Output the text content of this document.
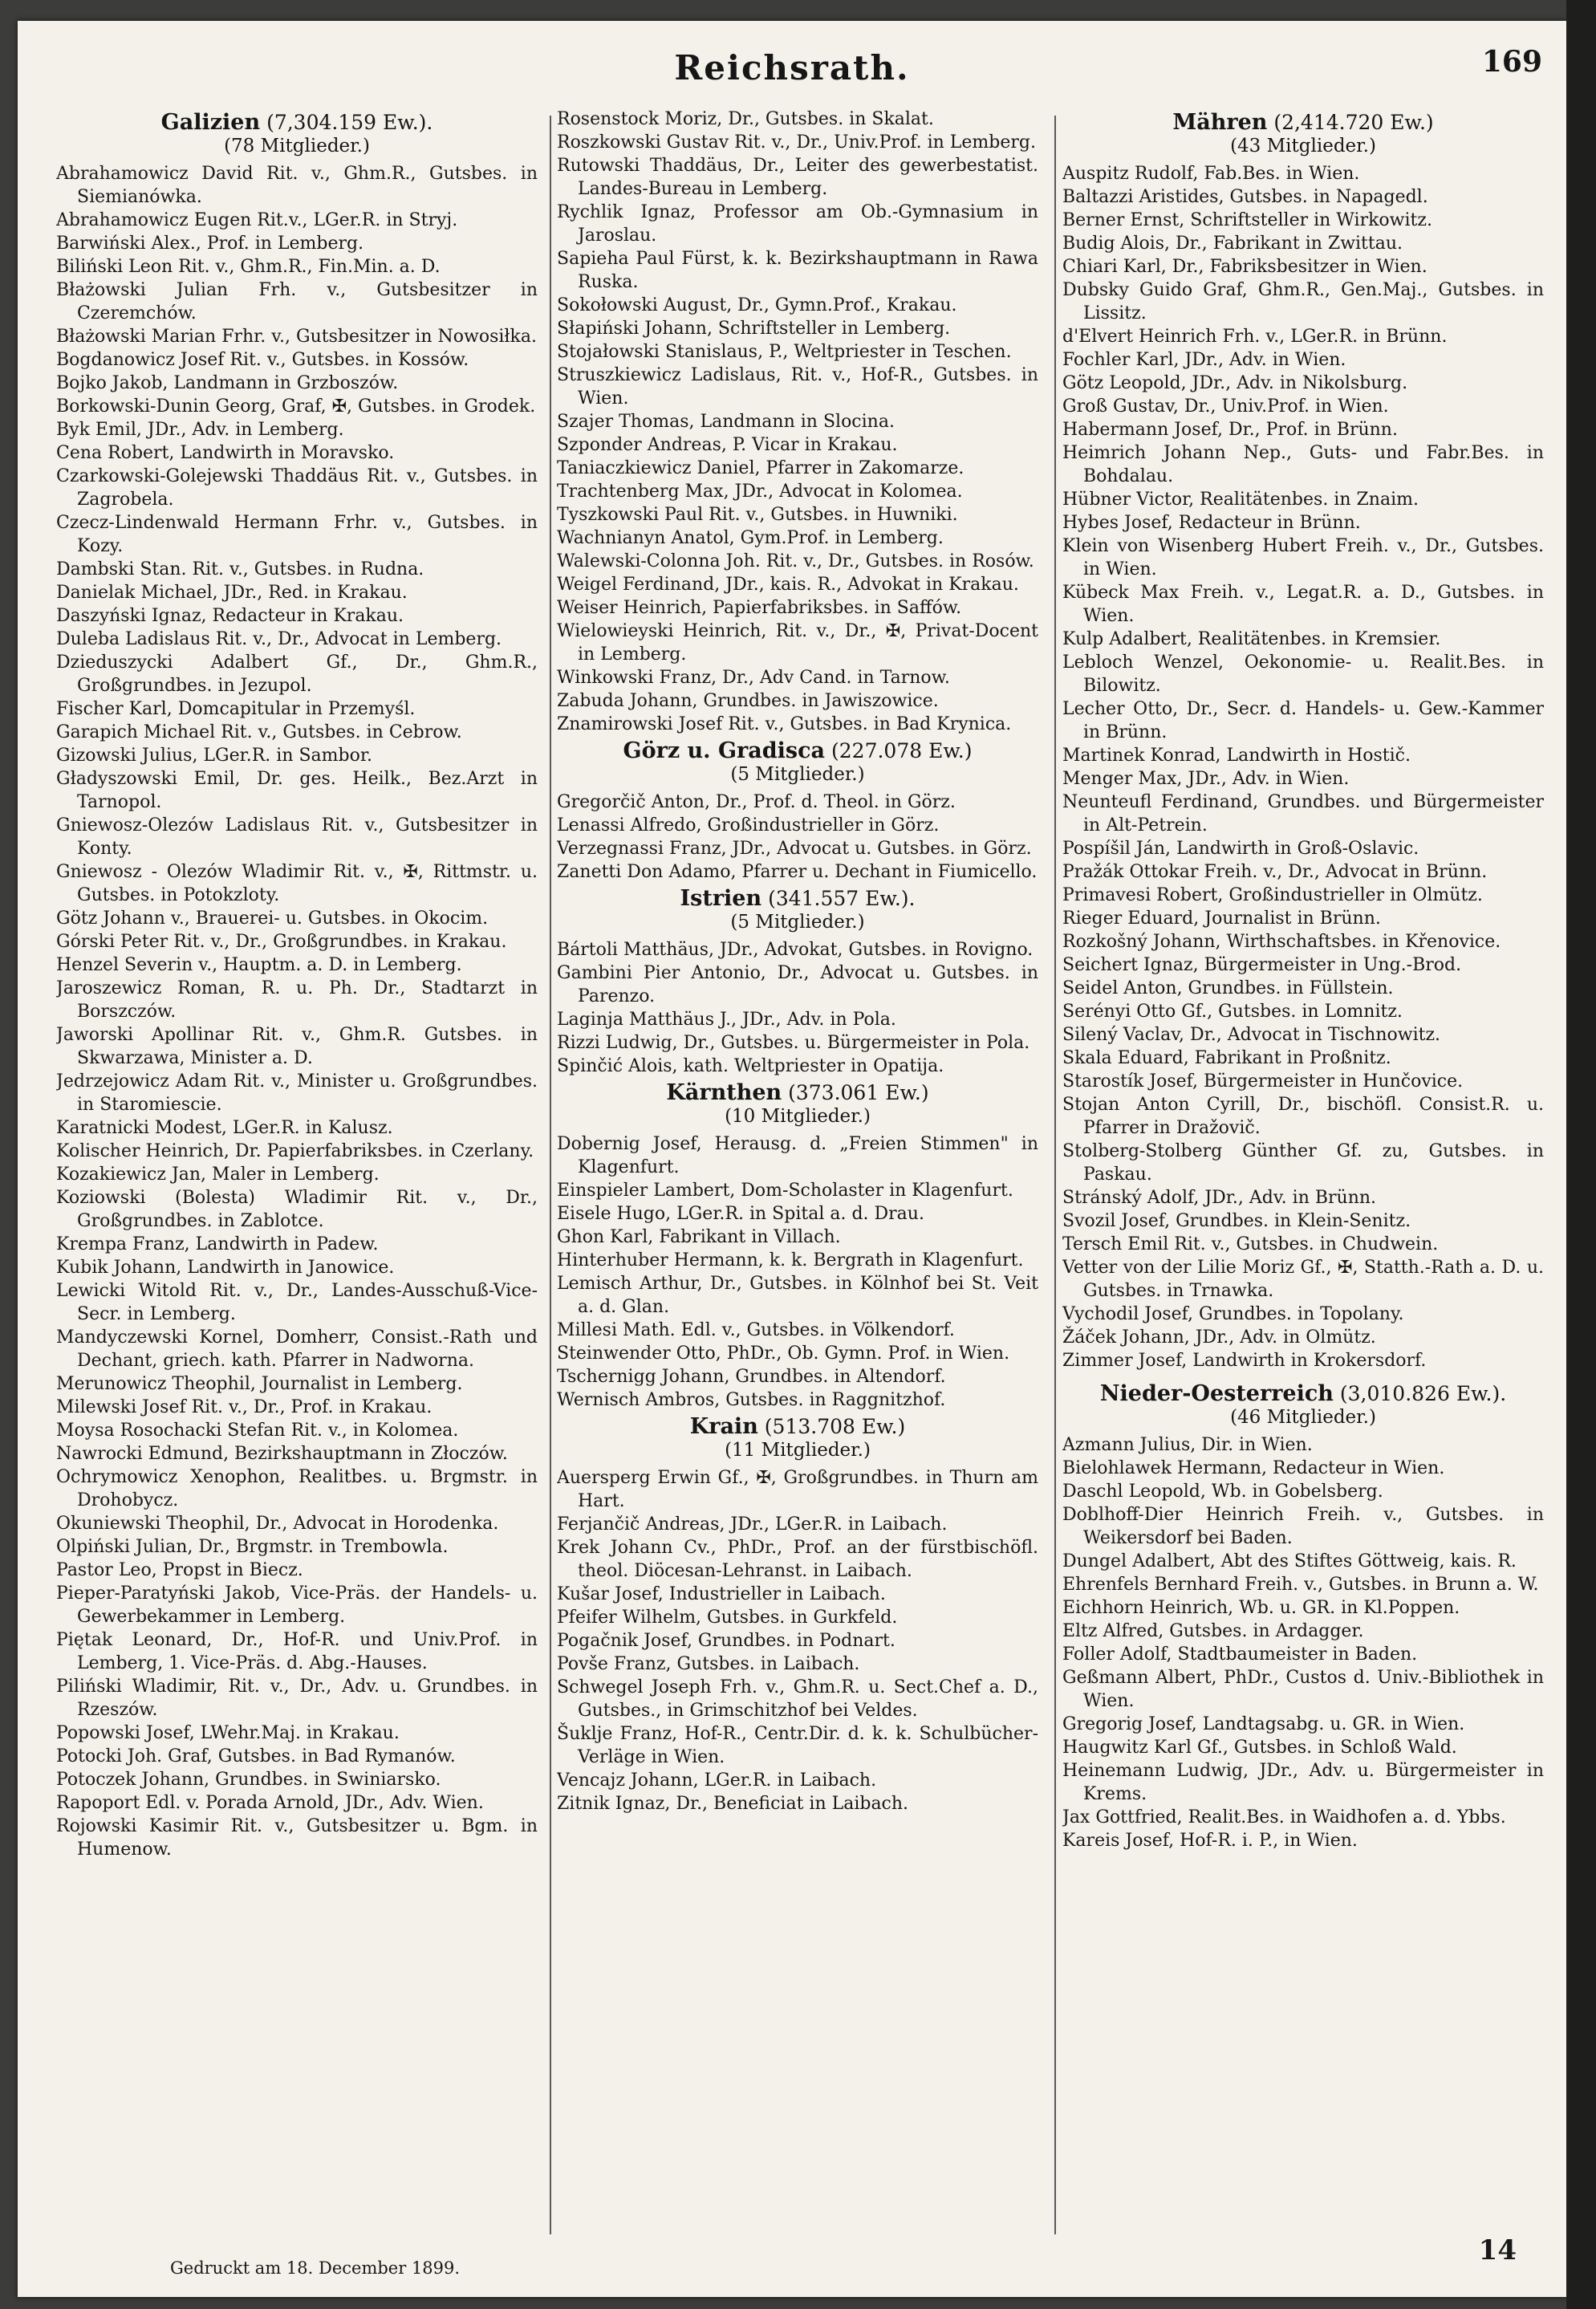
Reichsrath.	169
Galizien (7,304.159 Ew.).
(78 Mitglieder.)
Abrahamowicz David Rit. v., Ghm.R., Gutsbes. in Siemianówka.
Abrahamowicz Eugen Rit.v., LGer.R. in Stryj.
Barwiński Alex., Prof. in Lemberg.
Biliński Leon Rit. v., Ghm.R., Fin.Min. a. D.
Błażowski Julian Frh. v., Gutsbesitzer in Czeremchów.
Błażowski Marian Frhr. v., Gutsbesitzer in Nowosiłka.
Bogdanowicz Josef Rit. v., Gutsbes. in Kossów.
Bojko Jakob, Landmann in Grzboszów.
Borkowski-Dunin Georg, Graf, ✠, Gutsbes. in Grodek.
Byk Emil, JDr., Adv. in Lemberg.
Cena Robert, Landwirth in Moravsko.
Czarkowski-Golejewski Thaddäus Rit. v., Gutsbes. in Zagrobela.
Czecz-Lindenwald Hermann Frhr. v., Gutsbes. in Kozy.
Dambski Stan. Rit. v., Gutsbes. in Rudna.
Danielak Michael, JDr., Red. in Krakau.
Daszyński Ignaz, Redacteur in Krakau.
Duleba Ladislaus Rit. v., Dr., Advocat in Lemberg.
Dzieduszycki Adalbert Gf., Dr., Ghm.R., Großgrundbes. in Jezupol.
Fischer Karl, Domcapitular in Przemyśl.
Garapich Michael Rit. v., Gutsbes. in Cebrow.
Gizowski Julius, LGer.R. in Sambor.
Gładyszowski Emil, Dr. ges. Heilk., Bez.Arzt in Tarnopol.
Gniewosz-Olezów Ladislaus Rit. v., Gutsbesitzer in Konty.
Gniewosz - Olezów Wladimir Rit. v., ✠, Rittmstr. u. Gutsbes. in Potokzloty.
Götz Johann v., Brauerei- u. Gutsbes. in Okocim.
Górski Peter Rit. v., Dr., Großgrundbes. in Krakau.
Henzel Severin v., Hauptm. a. D. in Lemberg.
Jaroszewicz Roman, R. u. Ph. Dr., Stadtarzt in Borszczów.
Jaworski Apollinar Rit. v., Ghm.R. Gutsbes. in Skwarzawa, Minister a. D.
Jedrzejowicz Adam Rit. v., Minister u. Großgrundbes. in Staromiescie.
Karatnicki Modest, LGer.R. in Kalusz.
Kolischer Heinrich, Dr. Papierfabriksbes. in Czerlany.
Kozakiewicz Jan, Maler in Lemberg.
Koziowski (Bolesta) Wladimir Rit. v., Dr., Großgrundbes. in Zablotce.
Krempa Franz, Landwirth in Padew.
Kubik Johann, Landwirth in Janowice.
Lewicki Witold Rit. v., Dr., Landes-Ausschuß-Vice-Secr. in Lemberg.
Mandyczewski Kornel, Domherr, Consist.-Rath und Dechant, griech. kath. Pfarrer in Nadworna.
Merunowicz Theophil, Journalist in Lemberg.
Milewski Josef Rit. v., Dr., Prof. in Krakau.
Moysa Rosochacki Stefan Rit. v., in Kolomea.
Nawrocki Edmund, Bezirkshauptmann in Złoczów.
Ochrymowicz Xenophon, Realitbes. u. Brgmstr. in Drohobycz.
Okuniewski Theophil, Dr., Advocat in Horodenka.
Olpiński Julian, Dr., Brgmstr. in Trembowla.
Pastor Leo, Propst in Biecz.
Pieper-Paratyński Jakob, Vice-Präs. der Handels- u. Gewerbekammer in Lemberg.
Piętak Leonard, Dr., Hof-R. und Univ.Prof. in Lemberg, 1. Vice-Präs. d. Abg.-Hauses.
Piliński Wladimir, Rit. v., Dr., Adv. u. Grundbes. in Rzeszów.
Popowski Josef, LWehr.Maj. in Krakau.
Potocki Joh. Graf, Gutsbes. in Bad Rymanów.
Potoczek Johann, Grundbes. in Swiniarsko.
Rapoport Edl. v. Porada Arnold, JDr., Adv. Wien.
Rojowski Kasimir Rit. v., Gutsbesitzer u. Bgm. in Humenow.
Rosenstock Moriz, Dr., Gutsbes. in Skalat.
Roszkowski Gustav Rit. v., Dr., Univ.Prof. in Lemberg.
Rutowski Thaddäus, Dr., Leiter des gewerbestatist. Landes-Bureau in Lemberg.
Rychlik Ignaz, Professor am Ob.-Gymnasium in Jaroslau.
Sapieha Paul Fürst, k. k. Bezirkshauptmann in Rawa Ruska.
Sokołowski August, Dr., Gymn.Prof., Krakau.
Słapiński Johann, Schriftsteller in Lemberg.
Stojałowski Stanislaus, P., Weltpriester in Teschen.
Struszkiewicz Ladislaus, Rit. v., Hof-R., Gutsbes. in Wien.
Szajer Thomas, Landmann in Slocina.
Szponder Andreas, P. Vicar in Krakau.
Taniaczkiewicz Daniel, Pfarrer in Zakomarze.
Trachtenberg Max, JDr., Advocat in Kolomea.
Tyszkowski Paul Rit. v., Gutsbes. in Huwniki.
Wachnianyn Anatol, Gym.Prof. in Lemberg.
Walewski-Colonna Joh. Rit. v., Dr., Gutsbes. in Rosów.
Weigel Ferdinand, JDr., kais. R., Advokat in Krakau.
Weiser Heinrich, Papierfabriksbes. in Saffów.
Wielowieyski Heinrich, Rit. v., Dr., ✠, Privat-Docent in Lemberg.
Winkowski Franz, Dr., Adv Cand. in Tarnow.
Zabuda Johann, Grundbes. in Jawiszowice.
Znamirowski Josef Rit. v., Gutsbes. in Bad Krynica.
Görz u. Gradisca (227.078 Ew.)
(5 Mitglieder.)
Gregorčič Anton, Dr., Prof. d. Theol. in Görz.
Lenassi Alfredo, Großindustrieller in Görz.
Verzegnassi Franz, JDr., Advocat u. Gutsbes. in Görz.
Zanetti Don Adamo, Pfarrer u. Dechant in Fiumicello.
Istrien (341.557 Ew.).
(5 Mitglieder.)
Bártoli Matthäus, JDr., Advokat, Gutsbes. in Rovigno.
Gambini Pier Antonio, Dr., Advocat u. Gutsbes. in Parenzo.
Laginja Matthäus J., JDr., Adv. in Pola.
Rizzi Ludwig, Dr., Gutsbes. u. Bürgermeister in Pola.
Spinčić Alois, kath. Weltpriester in Opatija.
Kärnthen (373.061 Ew.)
(10 Mitglieder.)
Dobernig Josef, Herausg. d. „Freien Stimmen" in Klagenfurt.
Einspieler Lambert, Dom-Scholaster in Klagenfurt.
Eisele Hugo, LGer.R. in Spital a. d. Drau.
Ghon Karl, Fabrikant in Villach.
Hinterhuber Hermann, k. k. Bergrath in Klagenfurt.
Lemisch Arthur, Dr., Gutsbes. in Kölnhof bei St. Veit a. d. Glan.
Millesi Math. Edl. v., Gutsbes. in Völkendorf.
Steinwender Otto, PhDr., Ob. Gymn. Prof. in Wien.
Tschernigg Johann, Grundbes. in Altendorf.
Wernisch Ambros, Gutsbes. in Raggnitzhof.
Krain (513.708 Ew.)
(11 Mitglieder.)
Auersperg Erwin Gf., ✠, Großgrundbes. in Thurn am Hart.
Ferjančič Andreas, JDr., LGer.R. in Laibach.
Krek Johann Cv., PhDr., Prof. an der fürstbischöfl. theol. Diöcesan-Lehranst. in Laibach.
Kušar Josef, Industrieller in Laibach.
Pfeifer Wilhelm, Gutsbes. in Gurkfeld.
Pogačnik Josef, Grundbes. in Podnart.
Povše Franz, Gutsbes. in Laibach.
Schwegel Joseph Frh. v., Ghm.R. u. Sect.Chef a. D., Gutsbes., in Grimschitzhof bei Veldes.
Šuklje Franz, Hof-R., Centr.Dir. d. k. k. Schulbücher-Verläge in Wien.
Vencajz Johann, LGer.R. in Laibach.
Zitnik Ignaz, Dr., Beneficiat in Laibach.
Mähren (2,414.720 Ew.)
(43 Mitglieder.)
Auspitz Rudolf, Fab.Bes. in Wien.
Baltazzi Aristides, Gutsbes. in Napagedl.
Berner Ernst, Schriftsteller in Wirkowitz.
Budig Alois, Dr., Fabrikant in Zwittau.
Chiari Karl, Dr., Fabriksbesitzer in Wien.
Dubsky Guido Graf, Ghm.R., Gen.Maj., Gutsbes. in Lissitz.
d'Elvert Heinrich Frh. v., LGer.R. in Brünn.
Fochler Karl, JDr., Adv. in Wien.
Götz Leopold, JDr., Adv. in Nikolsburg.
Groß Gustav, Dr., Univ.Prof. in Wien.
Habermann Josef, Dr., Prof. in Brünn.
Heimrich Johann Nep., Guts- und Fabr.Bes. in Bohdalau.
Hübner Victor, Realitätenbes. in Znaim.
Hybes Josef, Redacteur in Brünn.
Klein von Wisenberg Hubert Freih. v., Dr., Gutsbes. in Wien.
Kübeck Max Freih. v., Legat.R. a. D., Gutsbes. in Wien.
Kulp Adalbert, Realitätenbes. in Kremsier.
Lebloch Wenzel, Oekonomie- u. Realit.Bes. in Bilowitz.
Lecher Otto, Dr., Secr. d. Handels- u. Gew.-Kammer in Brünn.
Martinek Konrad, Landwirth in Hostič.
Menger Max, JDr., Adv. in Wien.
Neunteufl Ferdinand, Grundbes. und Bürgermeister in Alt-Petrein.
Pospíšil Ján, Landwirth in Groß-Oslavic.
Pražák Ottokar Freih. v., Dr., Advocat in Brünn.
Primavesi Robert, Großindustrieller in Olmütz.
Rieger Eduard, Journalist in Brünn.
Rozkošný Johann, Wirthschaftsbes. in Křenovice.
Seichert Ignaz, Bürgermeister in Ung.-Brod.
Seidel Anton, Grundbes. in Füllstein.
Serényi Otto Gf., Gutsbes. in Lomnitz.
Silený Vaclav, Dr., Advocat in Tischnowitz.
Skala Eduard, Fabrikant in Proßnitz.
Starostík Josef, Bürgermeister in Hunčovice.
Stojan Anton Cyrill, Dr., bischöfl. Consist.R. u. Pfarrer in Dražovič.
Stolberg-Stolberg Günther Gf. zu, Gutsbes. in Paskau.
Stránský Adolf, JDr., Adv. in Brünn.
Svozil Josef, Grundbes. in Klein-Senitz.
Tersch Emil Rit. v., Gutsbes. in Chudwein.
Vetter von der Lilie Moriz Gf., ✠, Statth.-Rath a. D. u. Gutsbes. in Trnawka.
Vychodil Josef, Grundbes. in Topolany.
Žáček Johann, JDr., Adv. in Olmütz.
Zimmer Josef, Landwirth in Krokersdorf.
Nieder-Oesterreich (3,010.826 Ew.).
(46 Mitglieder.)
Azmann Julius, Dir. in Wien.
Bielohlawek Hermann, Redacteur in Wien.
Daschl Leopold, Wb. in Gobelsberg.
Doblhoff-Dier Heinrich Freih. v., Gutsbes. in Weikersdorf bei Baden.
Dungel Adalbert, Abt des Stiftes Göttweig, kais. R.
Ehrenfels Bernhard Freih. v., Gutsbes. in Brunn a. W.
Eichhorn Heinrich, Wb. u. GR. in Kl.Poppen.
Eltz Alfred, Gutsbes. in Ardagger.
Foller Adolf, Stadtbaumeister in Baden.
Geßmann Albert, PhDr., Custos d. Univ.-Bibliothek in Wien.
Gregorig Josef, Landtagsabg. u. GR. in Wien.
Haugwitz Karl Gf., Gutsbes. in Schloß Wald.
Heinemann Ludwig, JDr., Adv. u. Bürgermeister in Krems.
Jax Gottfried, Realit.Bes. in Waidhofen a. d. Ybbs.
Kareis Josef, Hof-R. i. P., in Wien.
Gedruckt am 18. December 1899.
14
